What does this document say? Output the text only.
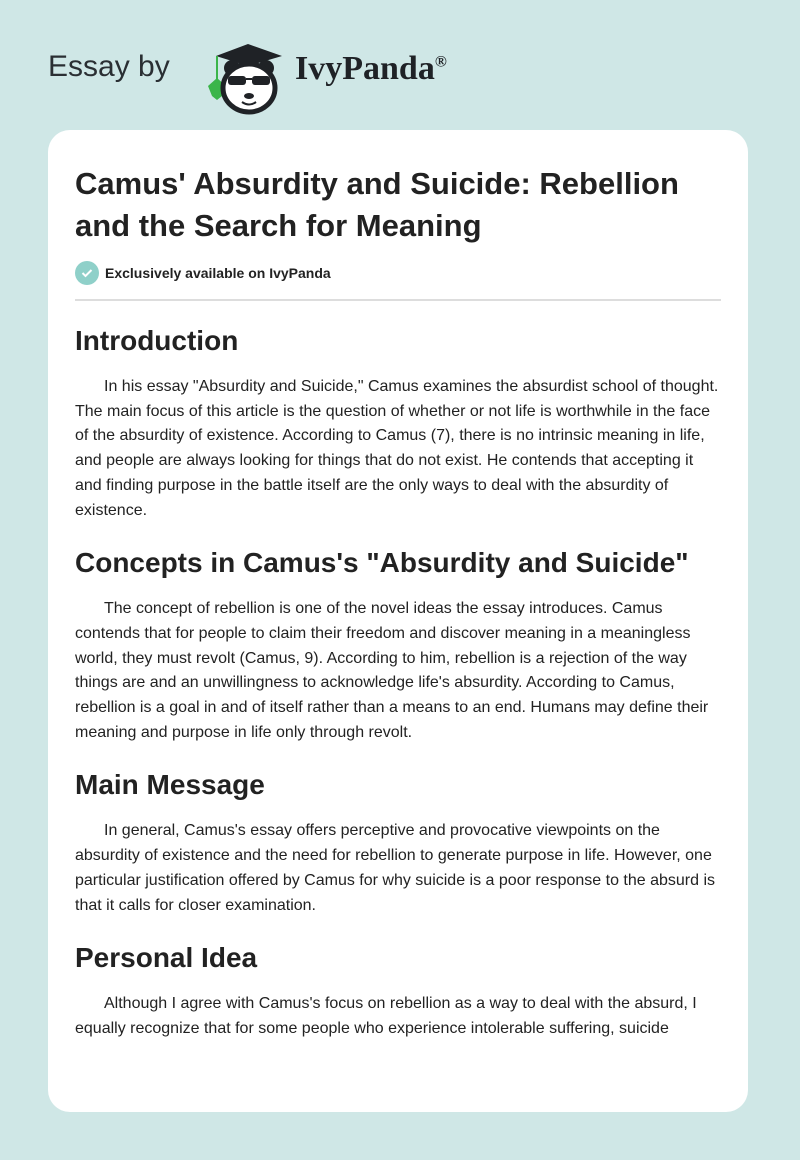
Essay by	IvyPanda®
Camus' Absurdity and Suicide: Rebellion and the Search for Meaning
Exclusively available on IvyPanda
Introduction

In his essay "Absurdity and Suicide," Camus examines the absurdist school of thought. The main focus of this article is the question of whether or not life is worthwhile in the face of the absurdity of existence. According to Camus (7), there is no intrinsic meaning in life, and people are always looking for things that do not exist. He contends that accepting it and finding purpose in the battle itself are the only ways to deal with the absurdity of existence.

Concepts in Camus's "Absurdity and Suicide"

The concept of rebellion is one of the novel ideas the essay introduces. Camus contends that for people to claim their freedom and discover meaning in a meaningless world, they must revolt (Camus, 9). According to him, rebellion is a rejection of the way things are and an unwillingness to acknowledge life's absurdity. According to Camus, rebellion is a goal in and of itself rather than a means to an end. Humans may define their meaning and purpose in life only through revolt.

Main Message

In general, Camus's essay offers perceptive and provocative viewpoints on the absurdity of existence and the need for rebellion to generate purpose in life. However, one particular justification offered by Camus for why suicide is a poor response to the absurd is that it calls for closer examination.

Personal Idea

Although I agree with Camus's focus on rebellion as a way to deal with the absurd, I equally recognize that for some people who experience intolerable suffering, suicide
